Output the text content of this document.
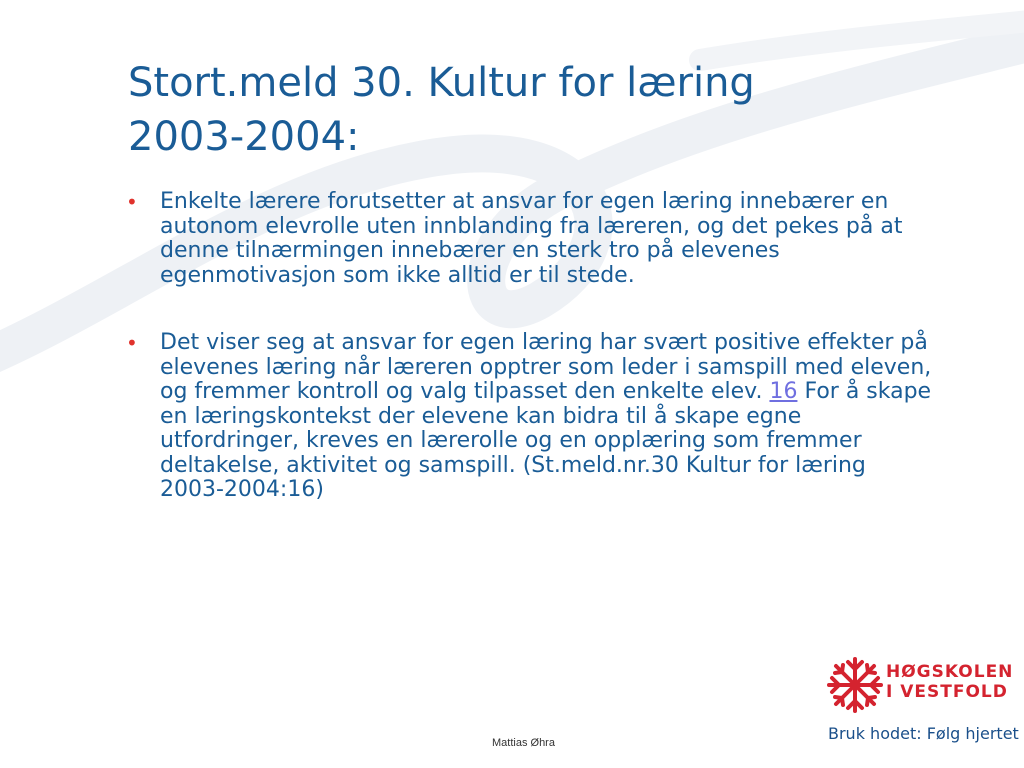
Stort.meld 30. Kultur for læring
2003-2004:
• Enkelte lærere forutsetter at ansvar for egen læring innebærer en autonom elevrolle uten innblanding fra læreren, og det pekes på at denne tilnærmingen innebærer en sterk tro på elevenes egenmotivasjon som ikke alltid er til stede.
• Det viser seg at ansvar for egen læring har svært positive effekter på elevenes læring når læreren opptrer som leder i samspill med eleven, og fremmer kontroll og valg tilpasset den enkelte elev. 16 For å skape en læringskontekst der elevene kan bidra til å skape egne utfordringer, kreves en lærerolle og en opplæring som fremmer deltakelse, aktivitet og samspill. (St.meld.nr.30 Kultur for læring 2003-2004:16)

HØGSKOLEN
I VESTFOLD

Bruk hodet: Følg hjertet

Mattias Øhra
